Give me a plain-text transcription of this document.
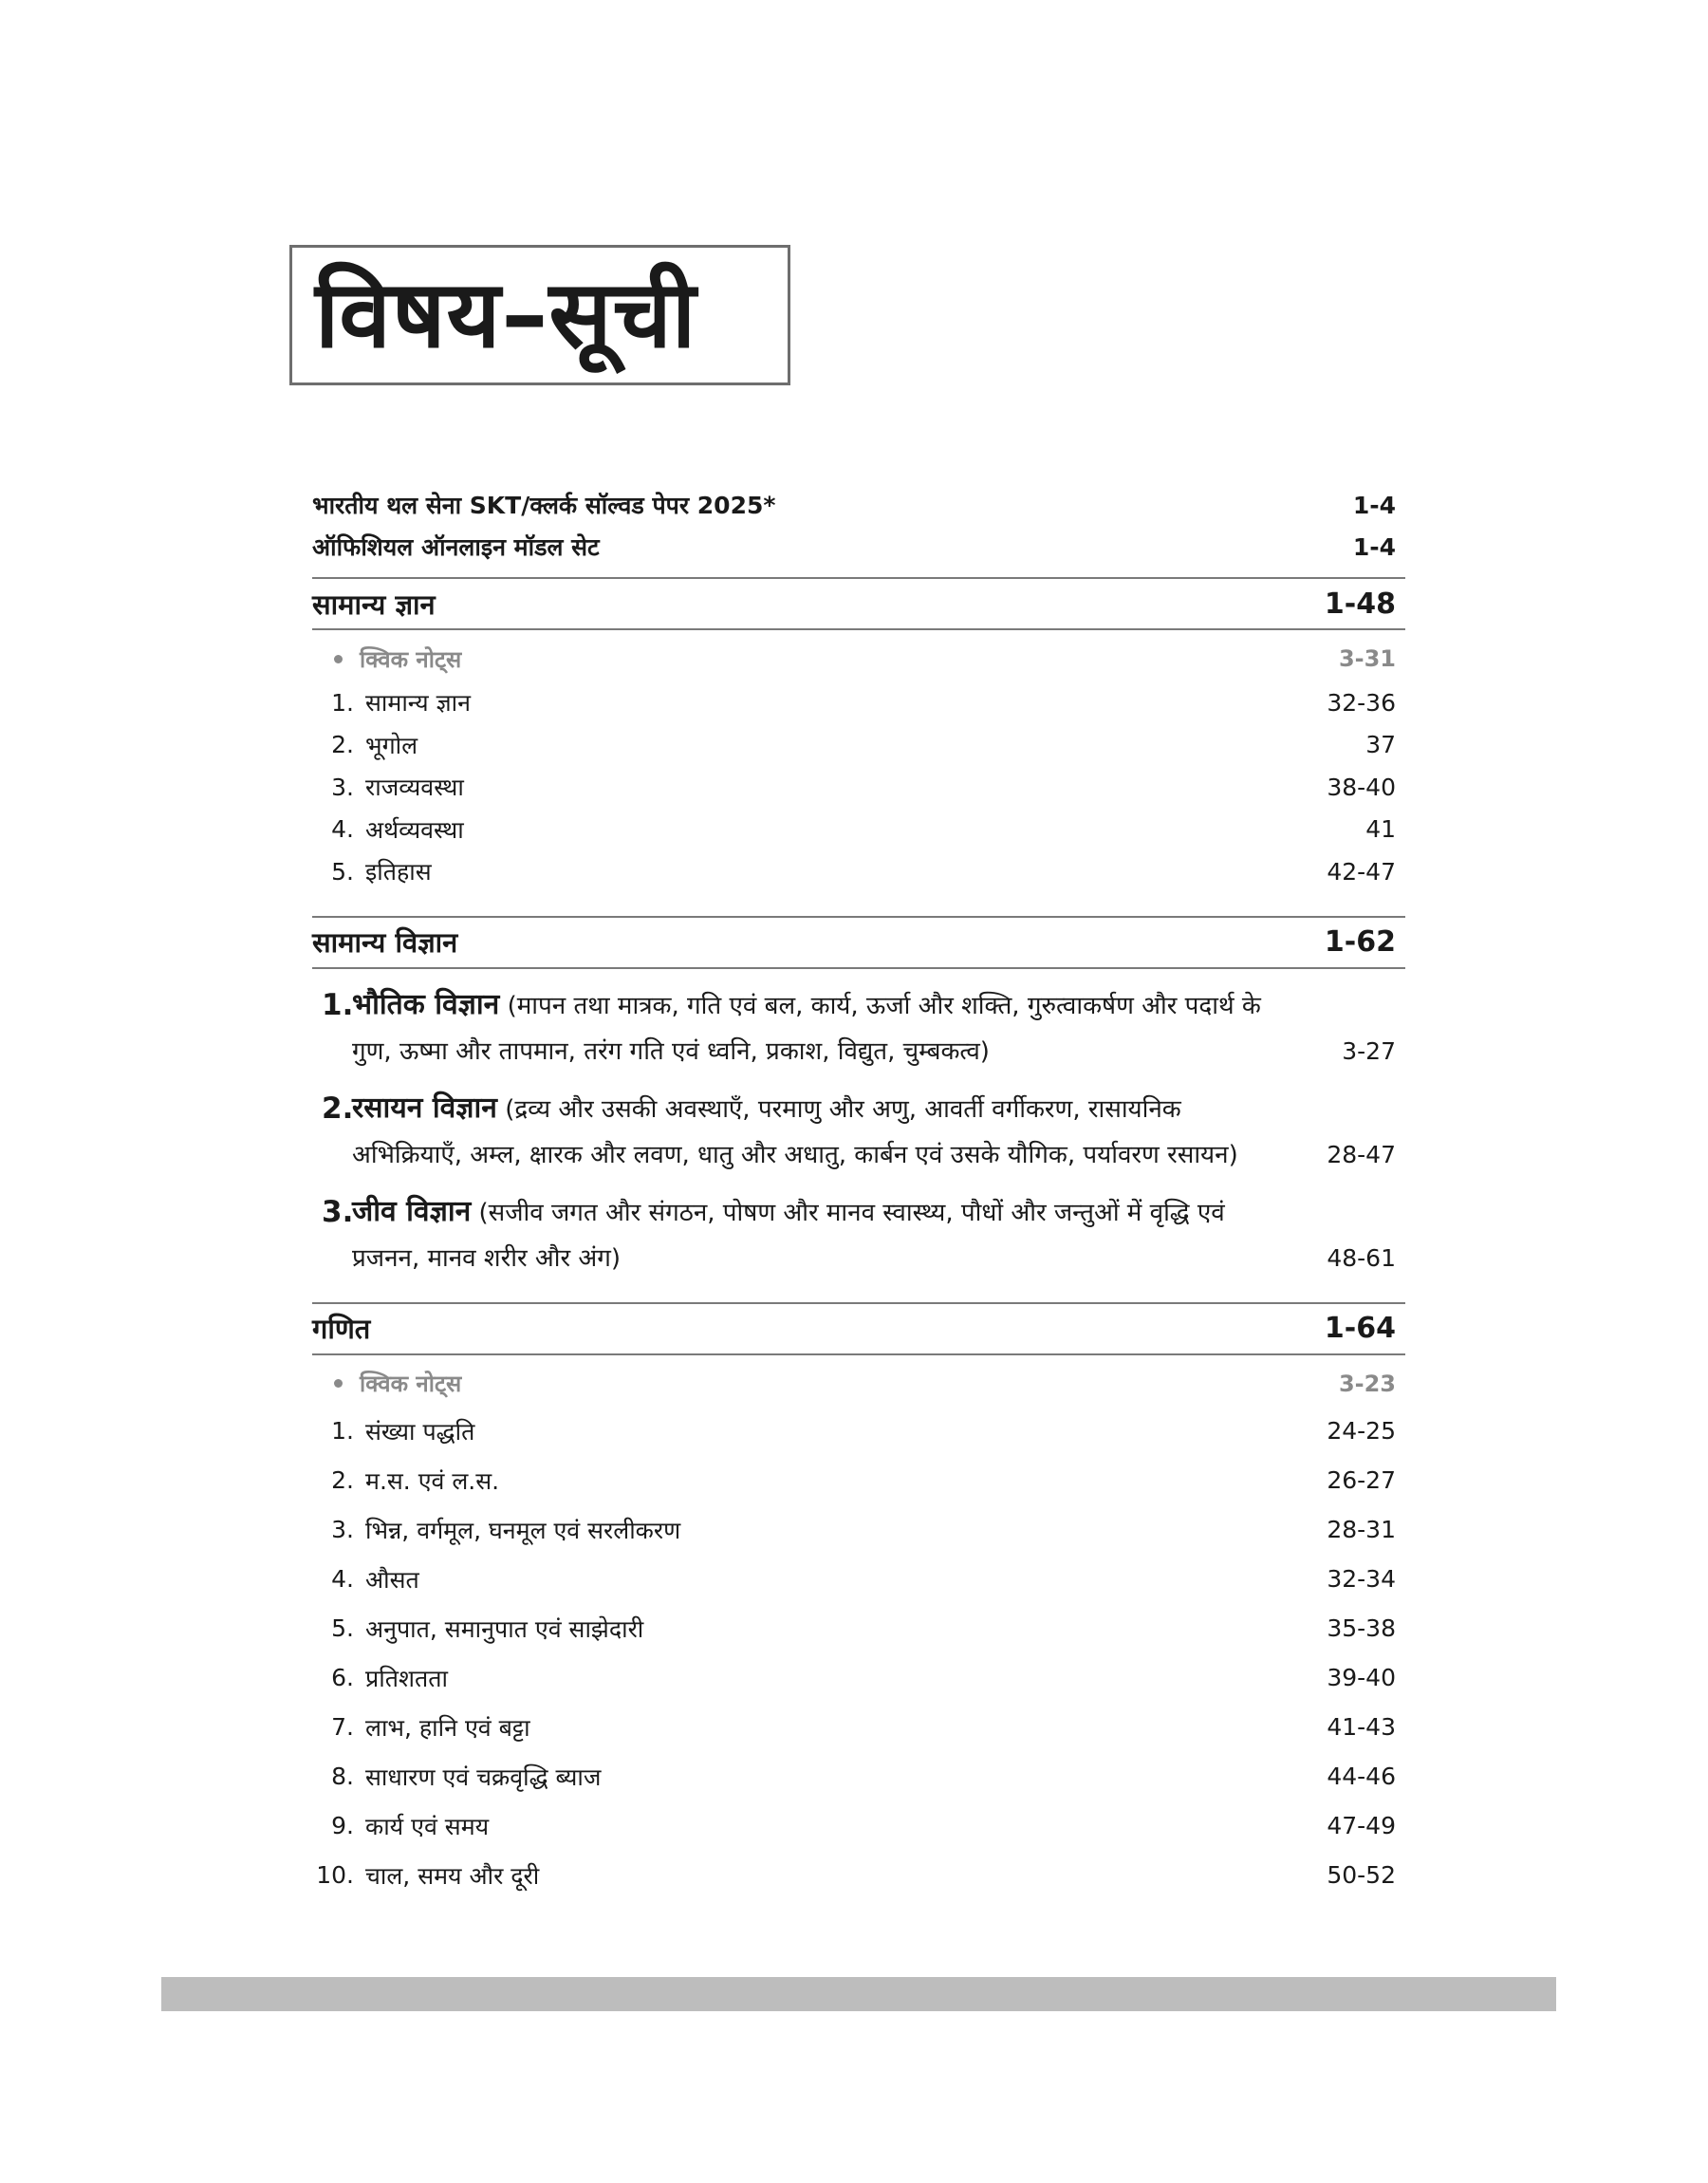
विषय–सूची
भारतीय थल सेना SKT/क्लर्क सॉल्वड पेपर 2025*	1-4
ऑफिशियल ऑनलाइन मॉडल सेट	1-4
सामान्य ज्ञान	1-48
क्विक नोट्स	3-31
1. सामान्य ज्ञान	32-36
2. भूगोल	37
3. राजव्यवस्था	38-40
4. अर्थव्यवस्था	41
5. इतिहास	42-47
सामान्य विज्ञान	1-62
1.
भौतिक विज्ञान (मापन तथा मात्रक, गति एवं बल, कार्य, ऊर्जा और शक्ति, गुरुत्वाकर्षण और पदार्थ के गुण, ऊष्मा और तापमान, तरंग गति एवं ध्वनि, प्रकाश, विद्युत, चुम्बकत्व)	3-27
2.
रसायन विज्ञान (द्रव्य और उसकी अवस्थाएँ, परमाणु और अणु, आवर्ती वर्गीकरण, रासायनिक अभिक्रियाएँ, अम्ल, क्षारक और लवण, धातु और अधातु, कार्बन एवं उसके यौगिक, पर्यावरण रसायन)	28-47
3.
जीव विज्ञान (सजीव जगत और संगठन, पोषण और मानव स्वास्थ्य, पौधों और जन्तुओं में वृद्धि एवं प्रजनन, मानव शरीर और अंग)	48-61
गणित	1-64
क्विक नोट्स	3-23
1. संख्या पद्धति	24-25
2. म.स. एवं ल.स.	26-27
3. भिन्न, वर्गमूल, घनमूल एवं सरलीकरण	28-31
4. औसत	32-34
5. अनुपात, समानुपात एवं साझेदारी	35-38
6. प्रतिशतता	39-40
7. लाभ, हानि एवं बट्टा	41-43
8. साधारण एवं चक्रवृद्धि ब्याज	44-46
9. कार्य एवं समय	47-49
10. चाल, समय और दूरी	50-52
